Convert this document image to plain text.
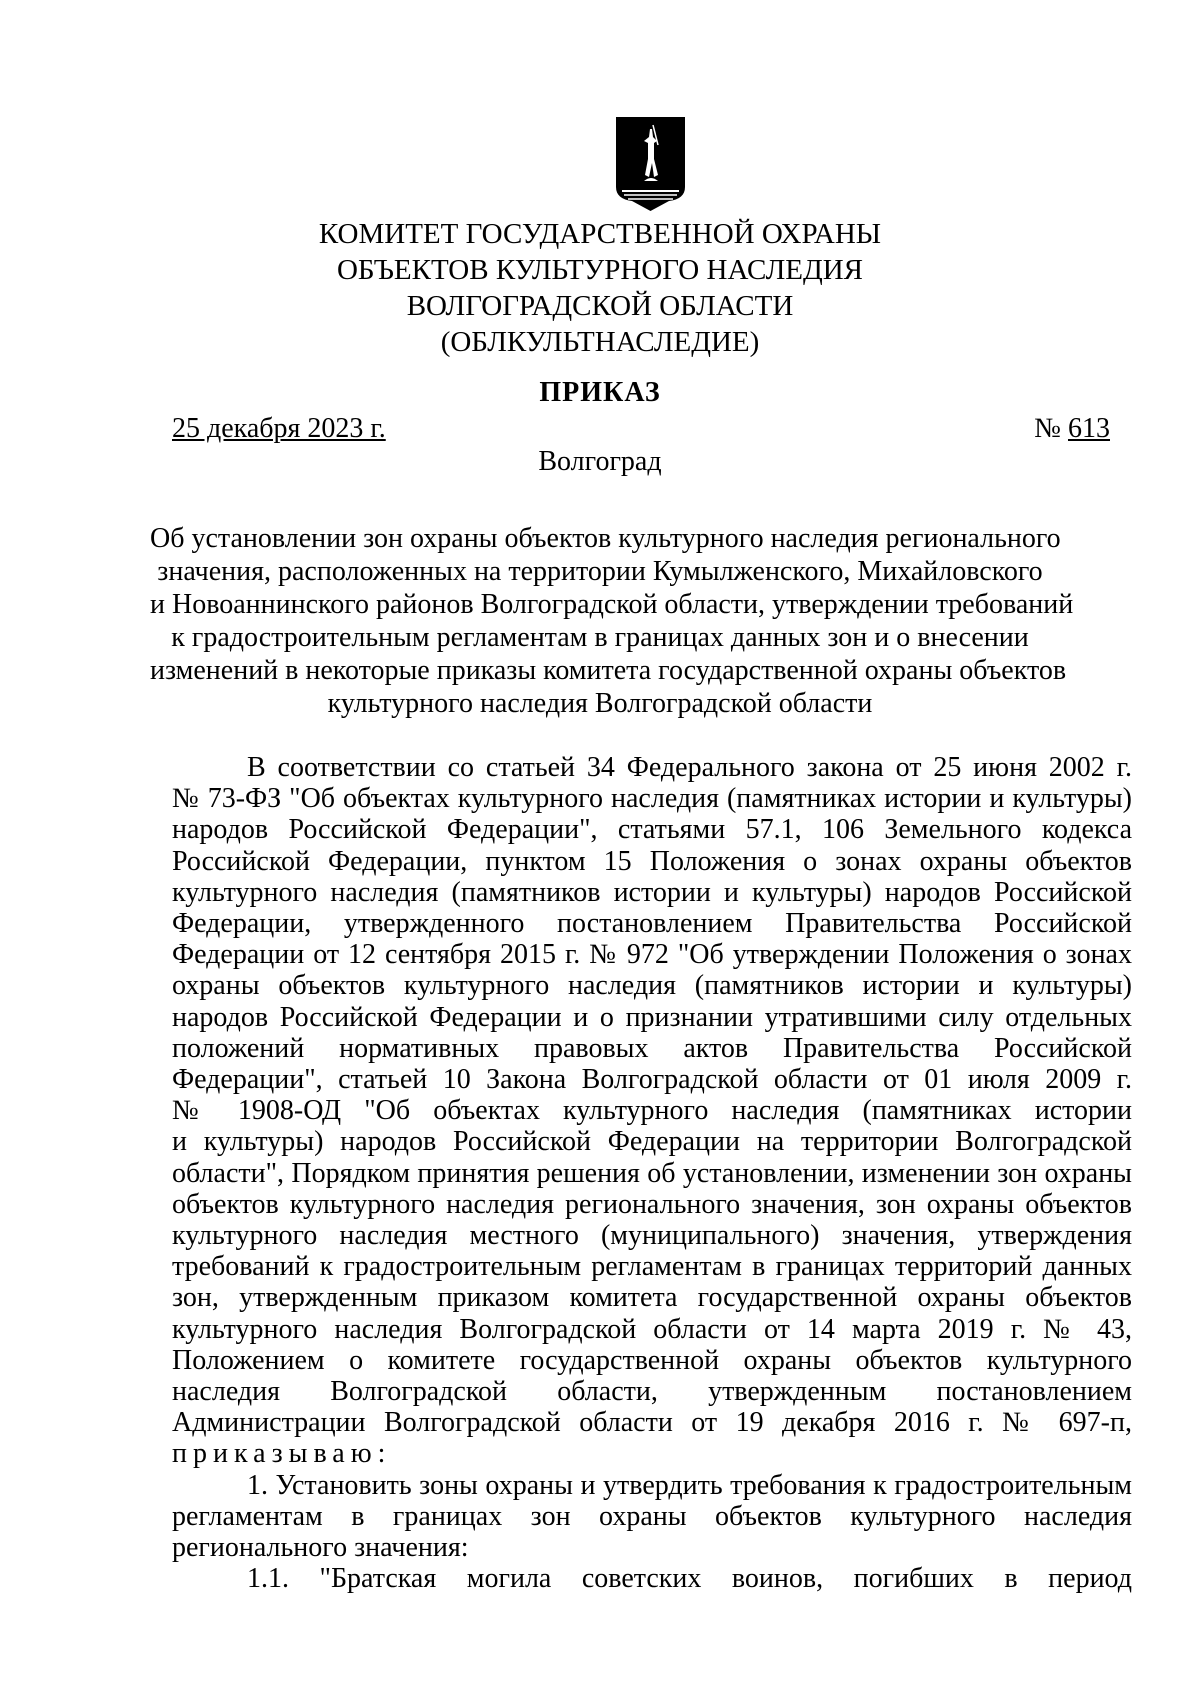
КОМИТЕТ ГОСУДАРСТВЕННОЙ ОХРАНЫ
ОБЪЕКТОВ КУЛЬТУРНОГО НАСЛЕДИЯ
ВОЛГОГРАДСКОЙ ОБЛАСТИ
(ОБЛКУЛЬТНАСЛЕДИЕ)
ПРИКАЗ
25 декабря 2023 г.	№ 613
Волгоград
Об установлении зон охраны объектов культурного наследия регионального
значения, расположенных на территории Кумылженского, Михайловского
и Новоаннинского районов Волгоградской области, утверждении требований
к градостроительным регламентам в границах данных зон и о внесении
изменений в некоторые приказы комитета государственной охраны объектов
культурного наследия Волгоградской области
В соответствии со статьей 34 Федерального закона от 25 июня 2002 г.
№ 73-ФЗ "Об объектах культурного наследия (памятниках истории и культуры)
народов Российской Федерации", статьями 57.1, 106 Земельного кодекса
Российской Федерации, пунктом 15 Положения о зонах охраны объектов
культурного наследия (памятников истории и культуры) народов Российской
Федерации, утвержденного постановлением Правительства Российской
Федерации от 12 сентября 2015 г. № 972 "Об утверждении Положения о зонах
охраны объектов культурного наследия (памятников истории и культуры)
народов Российской Федерации и о признании утратившими силу отдельных
положений нормативных правовых актов Правительства Российской
Федерации", статьей 10 Закона Волгоградской области от 01 июля 2009 г.
№ 1908-ОД "Об объектах культурного наследия (памятниках истории
и культуры) народов Российской Федерации на территории Волгоградской
области", Порядком принятия решения об установлении, изменении зон охраны
объектов культурного наследия регионального значения, зон охраны объектов
культурного наследия местного (муниципального) значения, утверждения
требований к градостроительным регламентам в границах территорий данных
зон, утвержденным приказом комитета государственной охраны объектов
культурного наследия Волгоградской области от 14 марта 2019 г. № 43,
Положением о комитете государственной охраны объектов культурного
наследия Волгоградской области, утвержденным постановлением
Администрации Волгоградской области от 19 декабря 2016 г. № 697-п,
приказываю:
1. Установить зоны охраны и утвердить требования к градостроительным
регламентам в границах зон охраны объектов культурного наследия
регионального значения:
1.1. "Братская могила советских воинов, погибших в период
